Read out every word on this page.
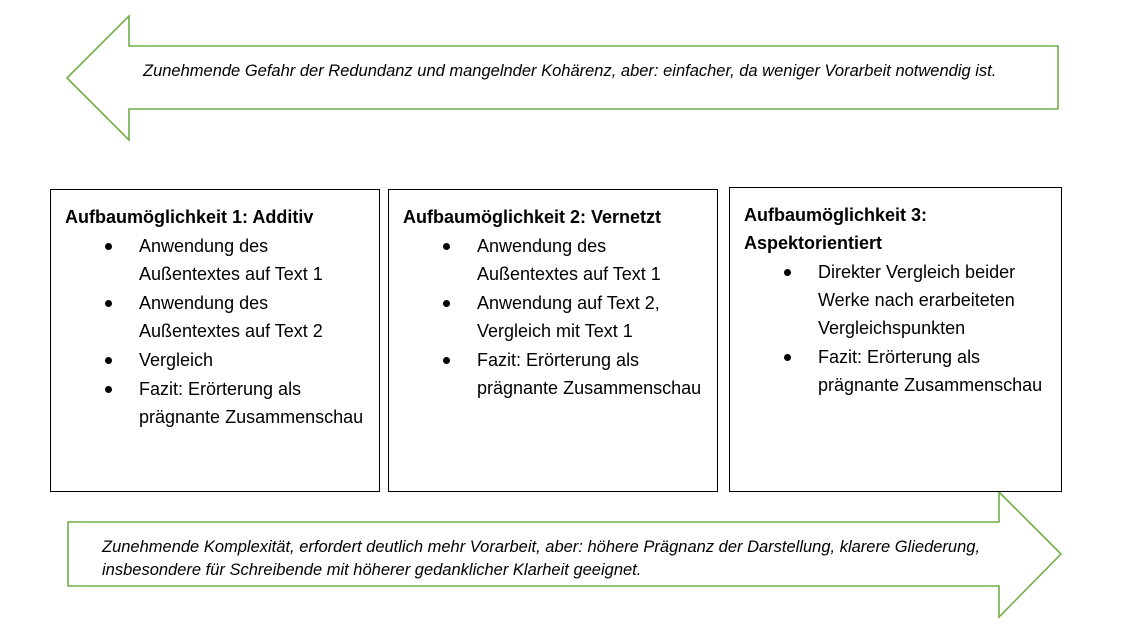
Zunehmende Gefahr der Redundanz und mangelnder Kohärenz, aber: einfacher, da weniger Vorarbeit notwendig ist.

Zunehmende Komplexität, erfordert deutlich mehr Vorarbeit, aber: höhere Prägnanz der Darstellung, klarere Gliederung, insbesondere für Schreibende mit höherer gedanklicher Klarheit geeignet.

Aufbaumöglichkeit 1: Additiv
Anwendung des Außentextes auf Text 1
Anwendung des Außentextes auf Text 2
Vergleich
Fazit: Erörterung als prägnante Zusammenschau
Aufbaumöglichkeit 2: Vernetzt
Anwendung des Außentextes auf Text 1
Anwendung auf Text 2, Vergleich mit Text 1
Fazit: Erörterung als prägnante Zusammenschau
Aufbaumöglichkeit 3: Aspektorientiert
Direkter Vergleich beider Werke nach erarbeiteten Vergleichspunkten
Fazit: Erörterung als prägnante Zusammenschau
